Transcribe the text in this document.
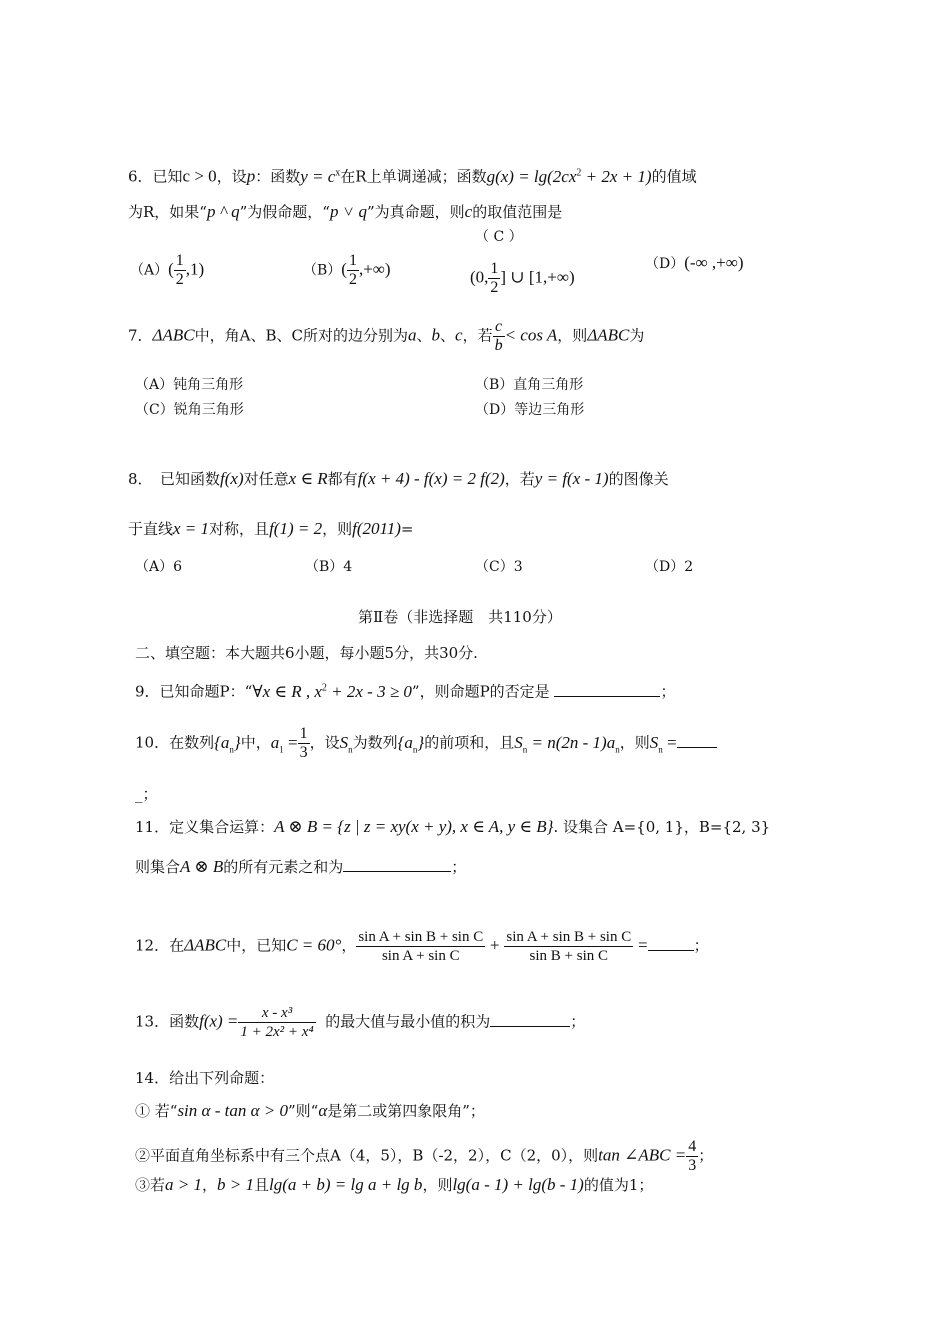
6．已知c > 0，设p：函数$y = c^x$在R上单调递减；函数$g(x) = \lg(2cx^2 + 2x + 1)$的值域
为R，如果“p ^ q”为假命题，“p ˅ q”为真命题，则c的取值范围是
$(A)( \frac{1}{2} ,1)$	$(B)( \frac{1}{2}$ ,+∞)
（ C ）
(0, $\frac{1}{2}$ ] ∪ [1,+∞)
（D）(-∞ ,+∞)
7．ΔABC中，角A、B、C所对的边分别为a、b、c，若 $\frac{c}{b} < \cos A$，则ΔABC为
（A）钝角三角形	（B）直角三角形
（C）锐角三角形	（D）等边三角形
8．　已知函数f(x)对任意x ∈ R都有f(x + 4) - f(x) = 2 f(2)，若y = f(x - 1)的图像关
于直线x = 1对称，且f(1) = 2，则f(2011)=
（A）6	（B）4	（C）3	（D）2
第Ⅱ卷（非选择题　共110分）
二、填空题：本大题共6小题，每小题5分，共30分.
9．已知命题P：“∀x ∈ R , $x^2 + 2x - 3 \ge 0$”，则命题P的否定是	；
10．在数列$\{a_n\}$中，$a_1 = \frac{1}{3}$ ，设$S_n$为数列$\{a_n\}$的前项和，且$S_n = n(2n - 1)a_n$，则$S_n$ =
_；
11．定义集合运算：A ⊗ B = {z | z = xy(x + y), x ∈ A, y ∈ B}. 设集合 A={0, 1}，B={2, 3}
则集合A ⊗ B的所有元素之和为	；
12．在ΔABC中，已知C = 60°， $\frac{\text{sin A + sin B + sin C}}{\text{sin A + sin C}} + \frac{\text{sin A + sin B + sin C}}{\text{sin B + sin C}}$ =	；
13．函数$f(x) = \frac{\text{x - x³}}{\text{1 + 2x² + x⁴}}$ 的最大值与最小值的积为	；
14．给出下列命题：
① 若“sin α - tan α > 0”则“α是第二或第四象限角”；
②平面直角坐标系中有三个点A（4，5），B（-2，2），C（2，0），则tan ∠ABC = $\frac{4}{3}$ ；
③若a > 1，b > 1且lg(a + b) = lg a + lg b，则lg(a - 1) + lg(b - 1)的值为1；
